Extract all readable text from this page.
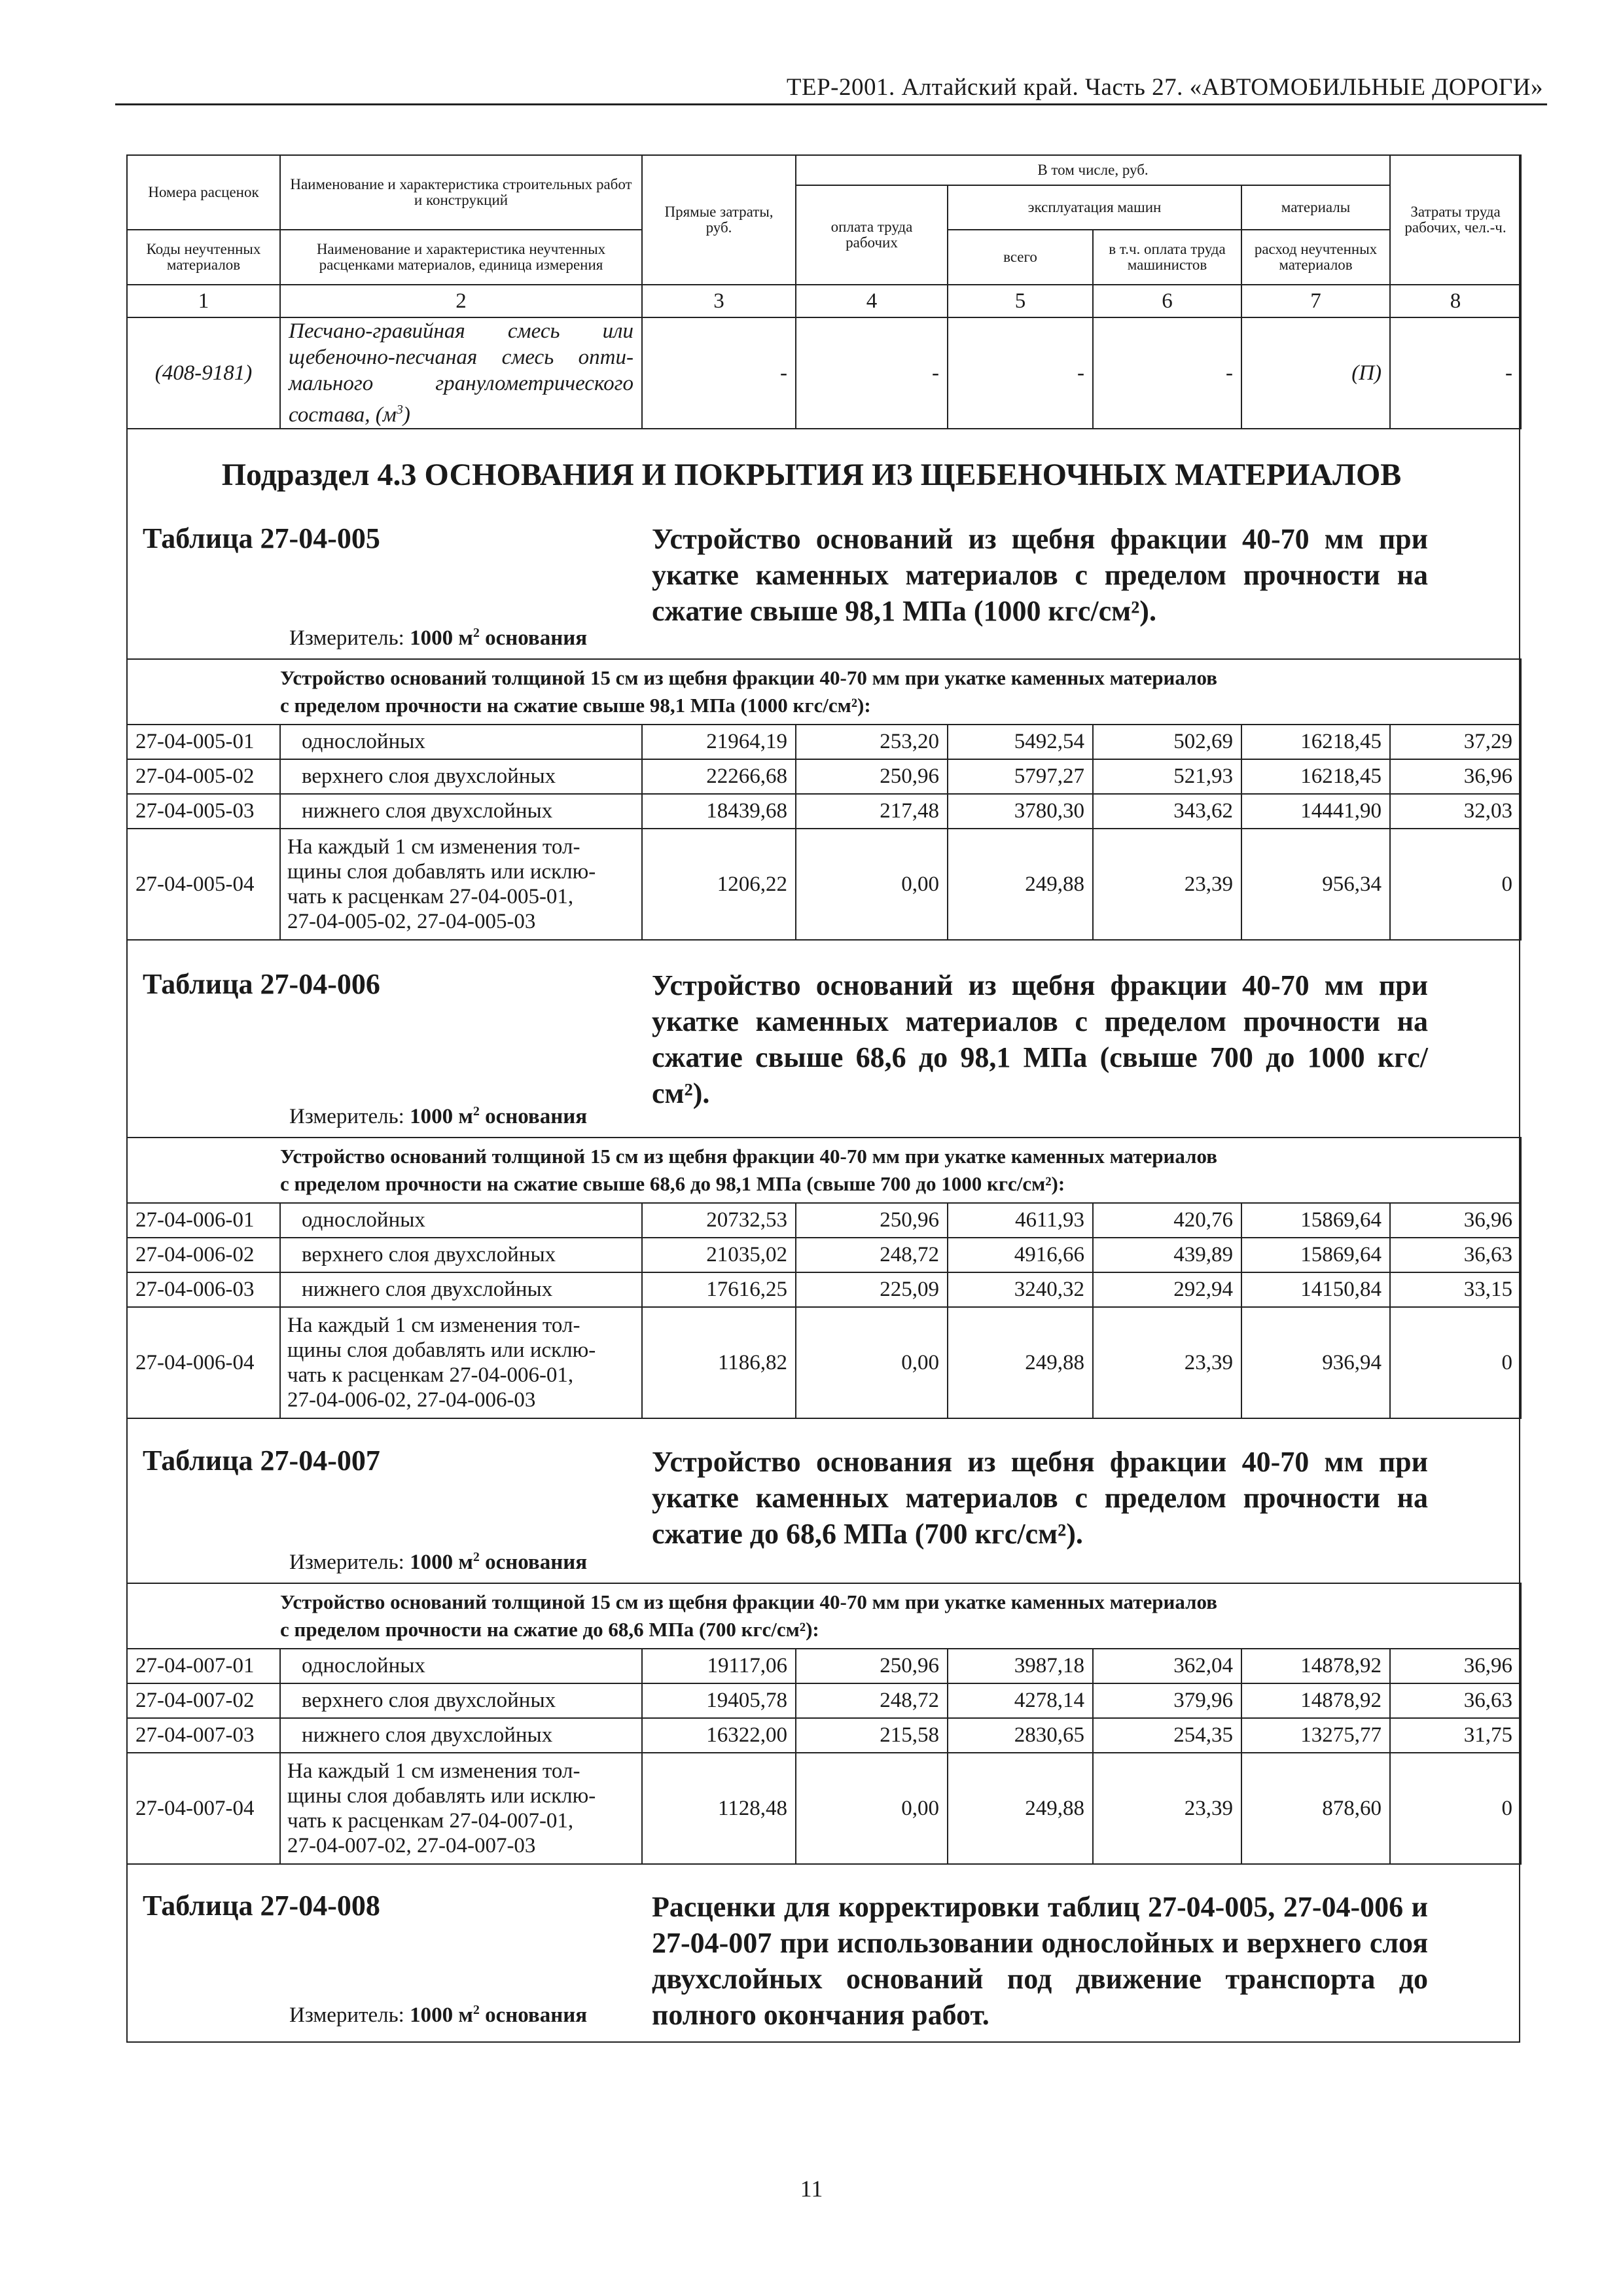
ТЕР-2001. Алтайский край. Часть 27. «АВТОМОБИЛЬНЫЕ ДОРОГИ»
Номера расценок	Наименование и характеристика строительных работ и конструкций	Прямые затраты, руб.	В том числе, руб.				Затраты труда рабочих, чел.-ч.
			оплата труда рабочих	эксплуатация машин		материалы	
Коды неучтенных материалов	Наименование и характеристика неучтенных расценками материалов, единица измерения			всего	в т.ч. оплата труда машинистов	расход неучтенных материалов	
1	2	3	4	5	6	7	8
(408-9181)	Песчано-гравийная смесь или
щебеночно-песчаная смесь опти-
мального гранулометрического
состава, $(м^3)$	-	-	-	-	(П)	-
Подраздел 4.3 ОСНОВАНИЯ И ПОКРЫТИЯ ИЗ ЩЕБЕНОЧНЫХ МАТЕРИАЛОВ
Таблица 27-04-005	Устройство оснований из щебня фракции 40-70 мм при укатке каменных материалов с пределом прочности на сжатие свыше 98,1 МПа (1000 кгс/см²).
Измеритель: 1000 $м^2$ основания

	Устройство оснований толщиной 15 см из щебня фракции 40-70 мм при укатке каменных материалов
с пределом прочности на сжатие свыше 98,1 МПа (1000 кгс/см²):						

27-04-005-01	однослойных	21964,19	253,20	5492,54	502,69	16218,45	37,29
27-04-005-02	верхнего слоя двухслойных	22266,68	250,96	5797,27	521,93	16218,45	36,96
27-04-005-03	нижнего слоя двухслойных	18439,68	217,48	3780,30	343,62	14441,90	32,03
27-04-005-04	На каждый 1 см изменения тол-
щины слоя добавлять или исклю-
чать к расценкам 27-04-005-01,
27-04-005-02, 27-04-005-03	1206,22	0,00	249,88	23,39	956,34	0
Таблица 27-04-006	Устройство оснований из щебня фракции 40-70 мм при укатке каменных материалов с пределом прочности на сжатие свыше 68,6 до 98,1 МПа (свыше 700 до 1000 кгс/см²).
Измеритель: 1000 $м^2$ основания

	Устройство оснований толщиной 15 см из щебня фракции 40-70 мм при укатке каменных материалов
с пределом прочности на сжатие свыше 68,6 до 98,1 МПа (свыше 700 до 1000 кгс/см²):						

27-04-006-01	однослойных	20732,53	250,96	4611,93	420,76	15869,64	36,96
27-04-006-02	верхнего слоя двухслойных	21035,02	248,72	4916,66	439,89	15869,64	36,63
27-04-006-03	нижнего слоя двухслойных	17616,25	225,09	3240,32	292,94	14150,84	33,15
27-04-006-04	На каждый 1 см изменения тол-
щины слоя добавлять или исклю-
чать к расценкам 27-04-006-01,
27-04-006-02, 27-04-006-03	1186,82	0,00	249,88	23,39	936,94	0
Таблица 27-04-007	Устройство основания из щебня фракции 40-70 мм при укатке каменных материалов с пределом прочности на сжатие до 68,6 МПа (700 кгс/см²).
Измеритель: 1000 $м^2$ основания

	Устройство оснований толщиной 15 см из щебня фракции 40-70 мм при укатке каменных материалов
с пределом прочности на сжатие до 68,6 МПа (700 кгс/см²):						

27-04-007-01	однослойных	19117,06	250,96	3987,18	362,04	14878,92	36,96
27-04-007-02	верхнего слоя двухслойных	19405,78	248,72	4278,14	379,96	14878,92	36,63
27-04-007-03	нижнего слоя двухслойных	16322,00	215,58	2830,65	254,35	13275,77	31,75
27-04-007-04	На каждый 1 см изменения тол-
щины слоя добавлять или исклю-
чать к расценкам 27-04-007-01,
27-04-007-02, 27-04-007-03	1128,48	0,00	249,88	23,39	878,60	0
Таблица 27-04-008	Расценки для корректировки таблиц 27-04-005, 27-04-006 и 27-04-007 при использовании однослойных и верхнего слоя двухслойных оснований под движение транспорта до полного окончания работ.
Измеритель: 1000 $м^2$ основания
11
